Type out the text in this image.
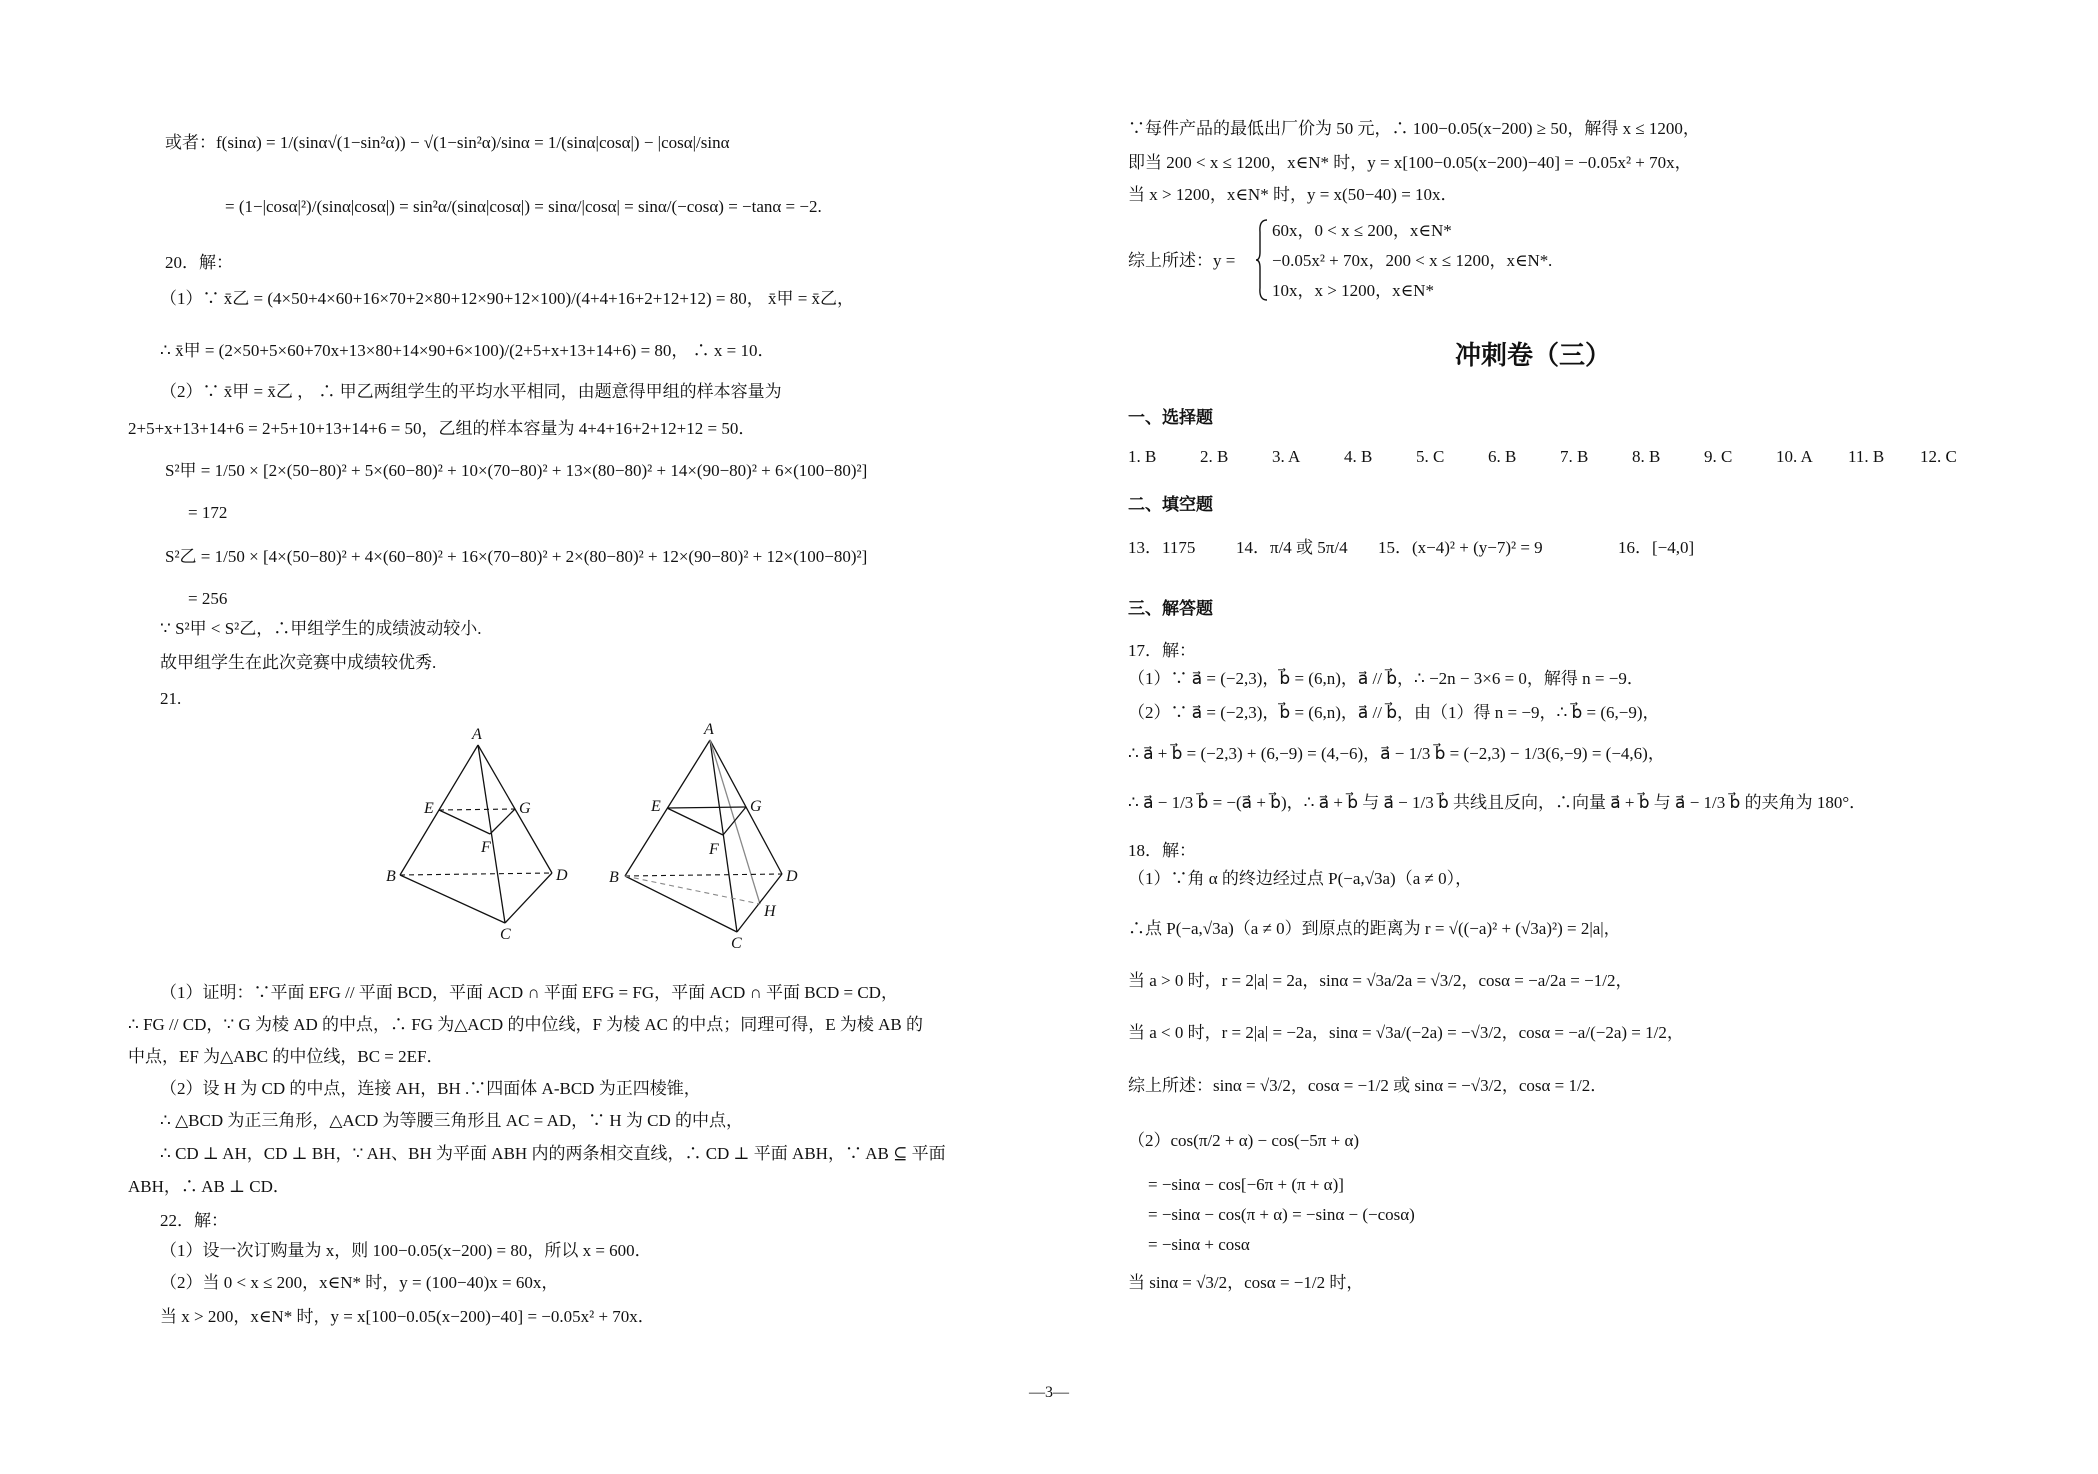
或者：f(sinα) = 1/(sinα√(1−sin²α)) − √(1−sin²α)/sinα = 1/(sinα|cosα|) − |cosα|/sinα
= (1−|cosα|²)/(sinα|cosα|) = sin²α/(sinα|cosα|) = sinα/|cosα| = sinα/(−cosα) = −tanα = −2.
20．解：
（1）∵ x̄乙 = (4×50+4×60+16×70+2×80+12×90+12×100)/(4+4+16+2+12+12) = 80， x̄甲 = x̄乙，
∴ x̄甲 = (2×50+5×60+70x+13×80+14×90+6×100)/(2+5+x+13+14+6) = 80， ∴ x = 10．
（2）∵ x̄甲 = x̄乙 ， ∴ 甲乙两组学生的平均水平相同，由题意得甲组的样本容量为
2+5+x+13+14+6 = 2+5+10+13+14+6 = 50，乙组的样本容量为 4+4+16+2+12+12 = 50．
S²甲 = 1/50 × [2×(50−80)² + 5×(60−80)² + 10×(70−80)² + 13×(80−80)² + 14×(90−80)² + 6×(100−80)²]
= 172
S²乙 = 1/50 × [4×(50−80)² + 4×(60−80)² + 16×(70−80)² + 2×(80−80)² + 12×(90−80)² + 12×(100−80)²]
= 256
∵ S²甲 < S²乙，∴甲组学生的成绩波动较小.
故甲组学生在此次竞赛中成绩较优秀.
21.
A
B
C
D
E
F
G
A
B
C
D
E
F
G
H
（1）证明：∵平面 EFG // 平面 BCD，平面 ACD ∩ 平面 EFG = FG，平面 ACD ∩ 平面 BCD = CD，
∴ FG // CD，∵ G 为棱 AD 的中点，∴ FG 为△ACD 的中位线，F 为棱 AC 的中点；同理可得，E 为棱 AB 的
中点，EF 为△ABC 的中位线，BC = 2EF．
（2）设 H 为 CD 的中点，连接 AH，BH .∵四面体 A-BCD 为正四棱锥，
∴ △BCD 为正三角形，△ACD 为等腰三角形且 AC = AD，∵ H 为 CD 的中点，
∴ CD ⊥ AH，CD ⊥ BH，∵ AH、BH 为平面 ABH 内的两条相交直线，∴ CD ⊥ 平面 ABH，∵ AB ⊆ 平面
ABH，∴ AB ⊥ CD．
22．解：
（1）设一次订购量为 x，则 100−0.05(x−200) = 80，所以 x = 600．
（2）当 0 < x ≤ 200，x∈N* 时，y = (100−40)x = 60x，
当 x > 200，x∈N* 时，y = x[100−0.05(x−200)−40] = −0.05x² + 70x．
∵每件产品的最低出厂价为 50 元，∴ 100−0.05(x−200) ≥ 50，解得 x ≤ 1200，
即当 200 < x ≤ 1200，x∈N* 时，y = x[100−0.05(x−200)−40] = −0.05x² + 70x，
当 x > 1200，x∈N* 时，y = x(50−40) = 10x．
综上所述：y =
60x，0 < x ≤ 200，x∈N*
−0.05x² + 70x，200 < x ≤ 1200，x∈N*
10x，x > 1200，x∈N*
.
冲刺卷（三）
一、选择题
1. B	2. B	3. A	4. B	5. C	6. B	7. B	8. B	9. C	10. A	11. B	12. C
二、填空题
13．1175 14．π/4 或 5π/4 15．(x−4)² + (y−7)² = 9	16．[−4,0]
三、解答题
17．解：
（1）∵ a⃗ = (−2,3)，b⃗ = (6,n)，a⃗ // b⃗，∴ −2n − 3×6 = 0，解得 n = −9．
（2）∵ a⃗ = (−2,3)，b⃗ = (6,n)，a⃗ // b⃗，由（1）得 n = −9，∴ b⃗ = (6,−9)，
∴ a⃗ + b⃗ = (−2,3) + (6,−9) = (4,−6)，a⃗ − 1/3 b⃗ = (−2,3) − 1/3(6,−9) = (−4,6)，
∴ a⃗ − 1/3 b⃗ = −(a⃗ + b⃗)，∴ a⃗ + b⃗ 与 a⃗ − 1/3 b⃗ 共线且反向，∴向量 a⃗ + b⃗ 与 a⃗ − 1/3 b⃗ 的夹角为 180°．
18．解：
（1）∵角 α 的终边经过点 P(−a,√3a)（a ≠ 0），
∴点 P(−a,√3a)（a ≠ 0）到原点的距离为 r = √((−a)² + (√3a)²) = 2|a|，
当 a > 0 时，r = 2|a| = 2a，sinα = √3a/2a = √3/2，cosα = −a/2a = −1/2，
当 a < 0 时，r = 2|a| = −2a，sinα = √3a/(−2a) = −√3/2，cosα = −a/(−2a) = 1/2，
综上所述：sinα = √3/2，cosα = −1/2 或 sinα = −√3/2，cosα = 1/2．
（2）cos(π/2 + α) − cos(−5π + α)
= −sinα − cos[−6π + (π + α)]
= −sinα − cos(π + α) = −sinα − (−cosα)
= −sinα + cosα
当 sinα = √3/2，cosα = −1/2 时，
—3—
